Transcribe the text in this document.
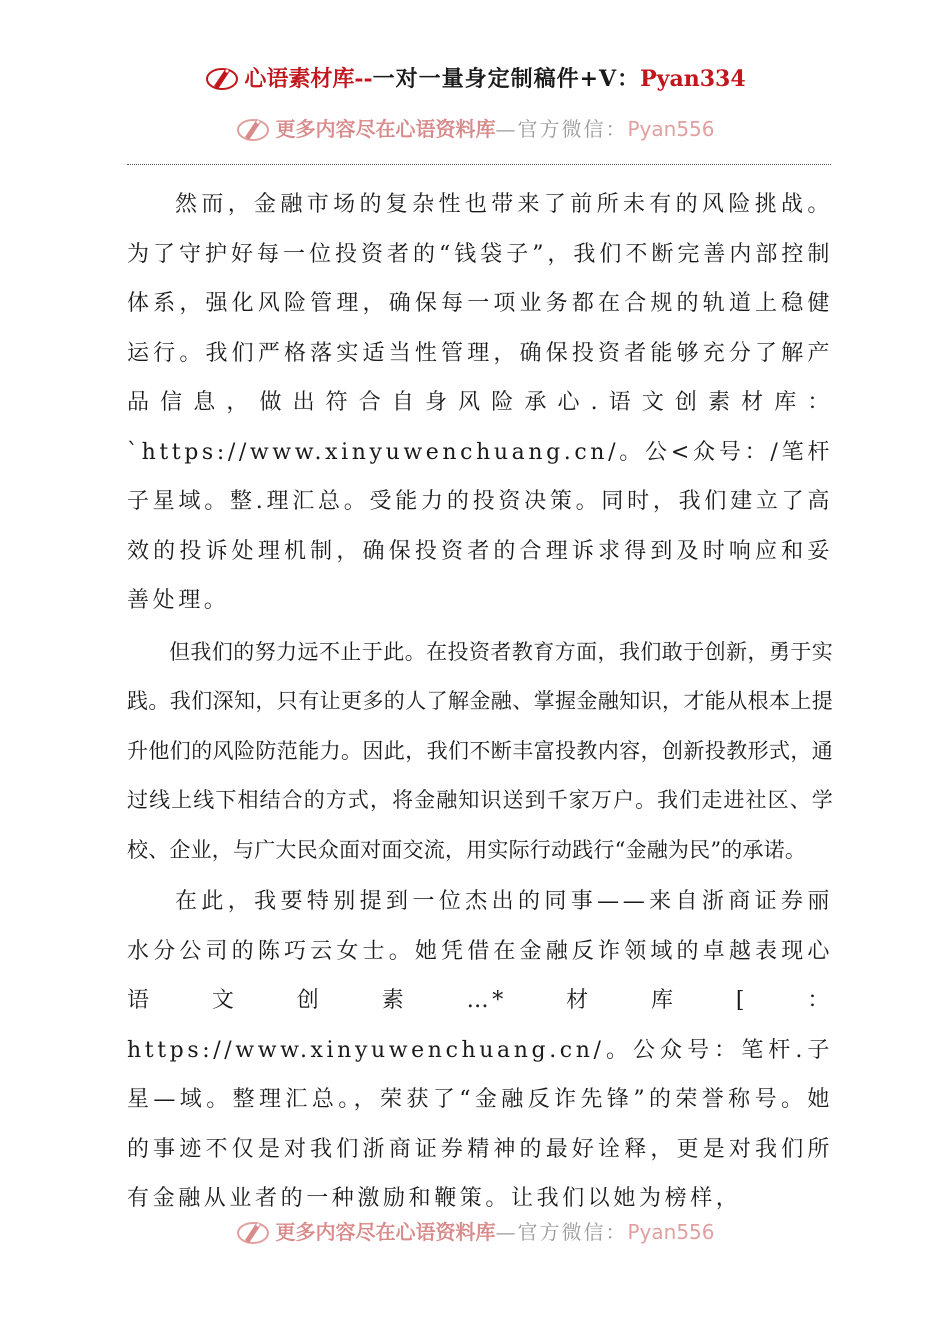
心语素材库--一对一量身定制稿件+V：Pyan334
更多内容尽在心语资料库—官方微信：Pyan556

然而，金融市场的复杂性也带来了前所未有的风险挑战。为了守护好每一位投资者的“钱袋子”，我们不断完善内部控制体系，强化风险管理，确保每一项业务都在合规的轨道上稳健运行。我们严格落实适当性管理，确保投资者能够充分了解产品信息，做出符合自身风险承心.语文创素材库：`https://www.xinyuwenchuang.cn/。公<众号：/笔杆子星域。整.理汇总。受能力的投资决策。同时，我们建立了高效的投诉处理机制，确保投资者的合理诉求得到及时响应和妥善处理。

但我们的努力远不止于此。在投资者教育方面，我们敢于创新，勇于实践。我们深知，只有让更多的人了解金融、掌握金融知识，才能从根本上提升他们的风险防范能力。因此，我们不断丰富投教内容，创新投教形式，通过线上线下相结合的方式，将金融知识送到千家万户。我们走进社区、学校、企业，与广大民众面对面交流，用实际行动践行“金融为民”的承诺。

在此，我要特别提到一位杰出的同事——来自浙商证券丽水分公司的陈巧云女士。她凭借在金融反诈领域的卓越表现心语文创素…*材库[：https://www.xinyuwenchuang.cn/。公众号：笔杆.子星—域。整理汇总。，荣获了“金融反诈先锋”的荣誉称号。她的事迹不仅是对我们浙商证券精神的最好诠释，更是对我们所有金融从业者的一种激励和鞭策。让我们以她为榜样，

更多内容尽在心语资料库—官方微信：Pyan556
